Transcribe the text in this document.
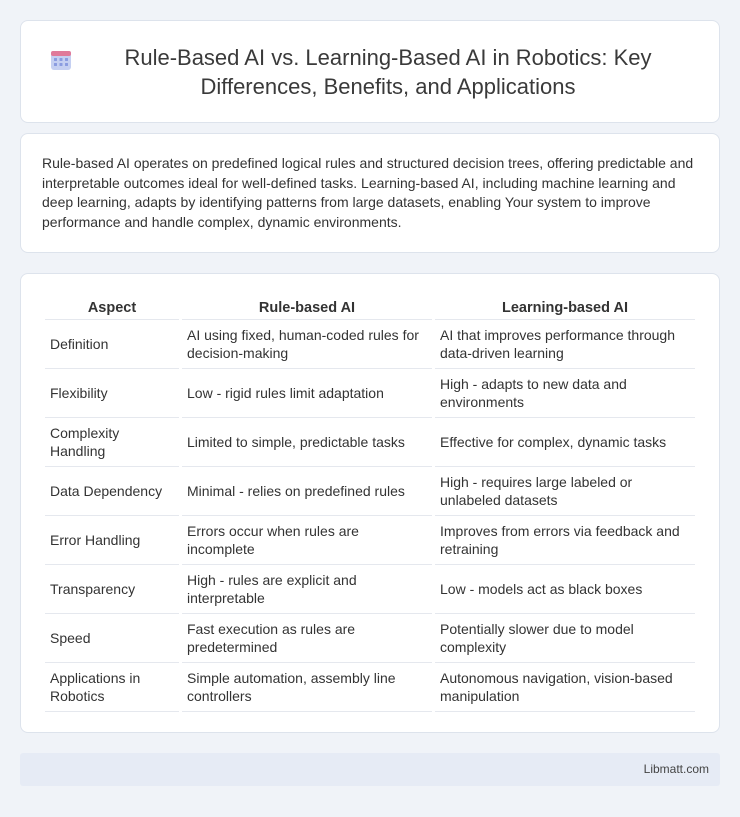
Rule-Based AI vs. Learning-Based AI in Robotics: Key Differences, Benefits, and Applications

Rule-based AI operates on predefined logical rules and structured decision trees, offering predictable and interpretable outcomes ideal for well-defined tasks. Learning-based AI, including machine learning and deep learning, adapts by identifying patterns from large datasets, enabling Your system to improve performance and handle complex, dynamic environments.

Aspect	Rule-based AI	Learning-based AI
Definition	AI using fixed, human-coded rules for decision-making	AI that improves performance through data-driven learning
Flexibility	Low - rigid rules limit adaptation	High - adapts to new data and environments
Complexity Handling	Limited to simple, predictable tasks	Effective for complex, dynamic tasks
Data Dependency	Minimal - relies on predefined rules	High - requires large labeled or unlabeled datasets
Error Handling	Errors occur when rules are incomplete	Improves from errors via feedback and retraining
Transparency	High - rules are explicit and interpretable	Low - models act as black boxes
Speed	Fast execution as rules are predetermined	Potentially slower due to model complexity
Applications in Robotics	Simple automation, assembly line controllers	Autonomous navigation, vision-based manipulation
Libmatt.com
